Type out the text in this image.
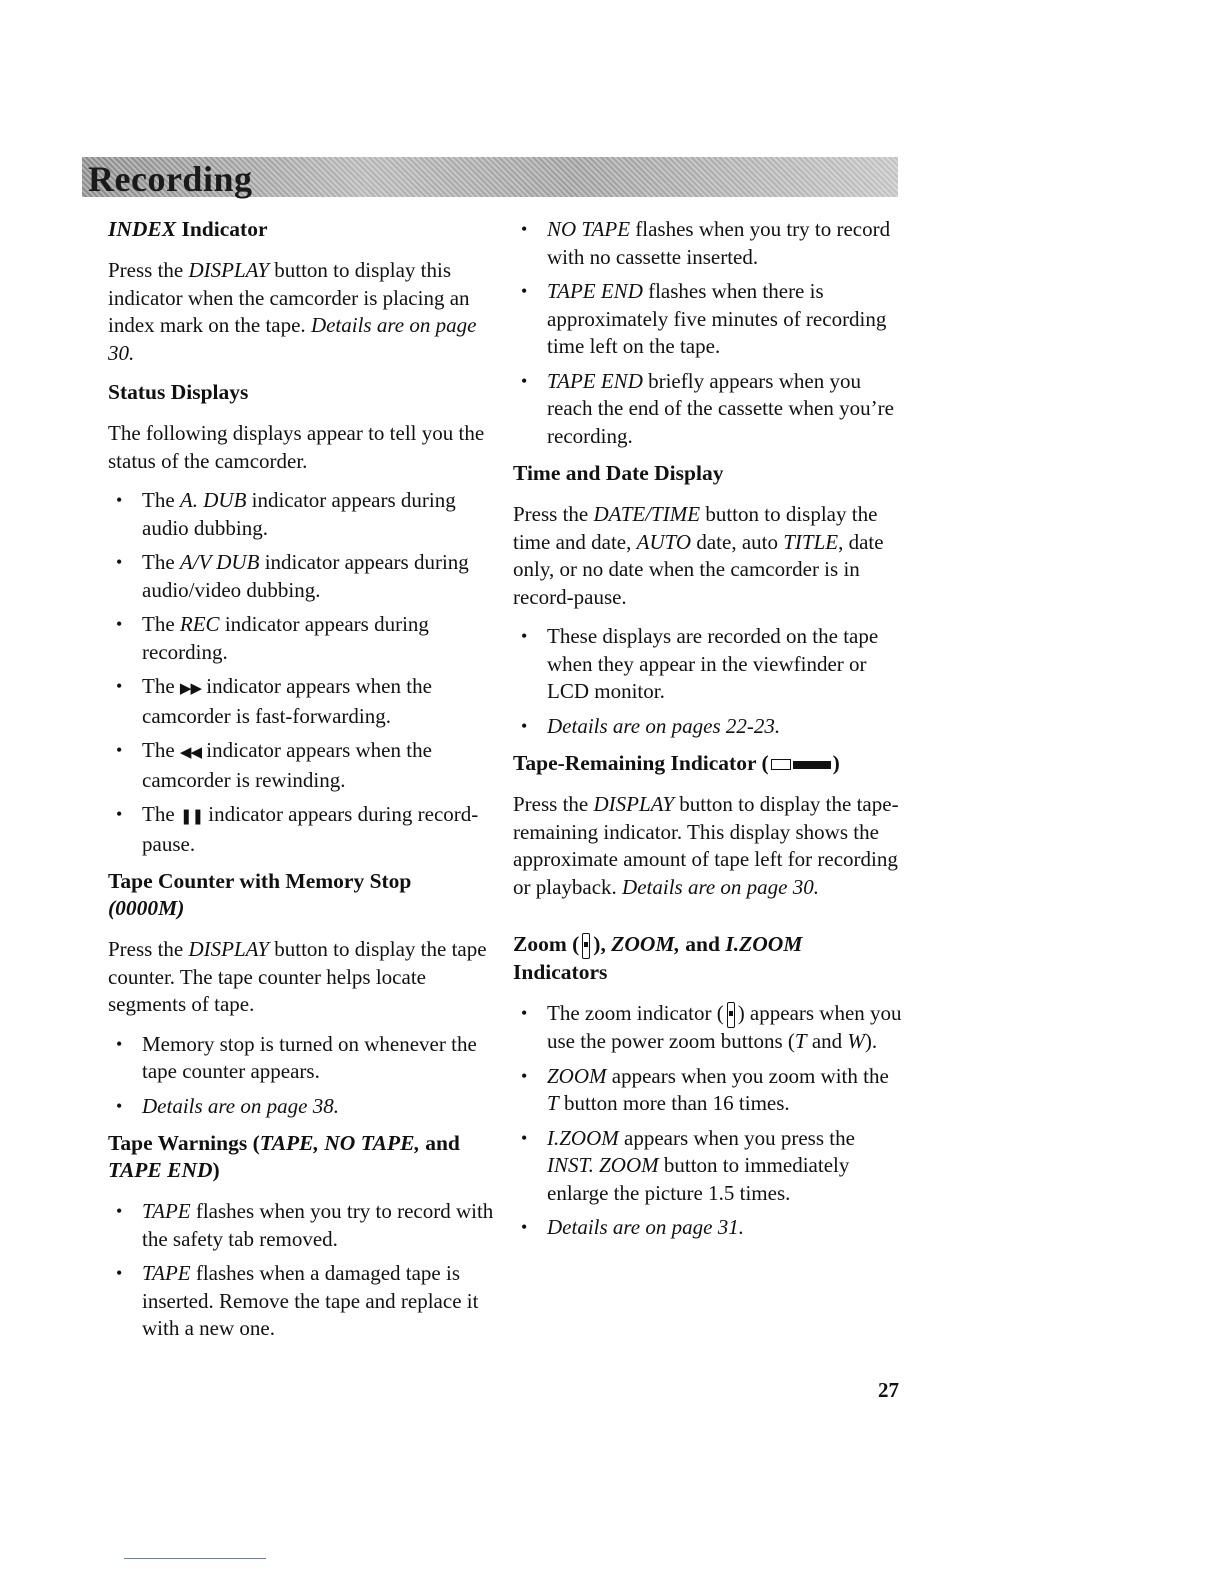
Recording
INDEX Indicator

Press the DISPLAY button to display this indicator when the camcorder is placing an index mark on the tape. Details are on page 30.

Status Displays

The following displays appear to tell you the status of the camcorder.

• The A. DUB indicator appears during audio dubbing.
• The A/V DUB indicator appears during audio/video dubbing.
• The REC indicator appears during recording.
• The ▶▶ indicator appears when the camcorder is fast-forwarding.
• The ◀◀ indicator appears when the camcorder is rewinding.
• The ❚❚ indicator appears during record-pause.
Tape Counter with Memory Stop
(0000M)

Press the DISPLAY button to display the tape counter. The tape counter helps locate segments of tape.

• Memory stop is turned on whenever the tape counter appears.
• Details are on page 38.
Tape Warnings (TAPE, NO TAPE, and
TAPE END)
• TAPE flashes when you try to record with the safety tab removed.
• TAPE flashes when a damaged tape is inserted. Remove the tape and replace it with a new one.
• NO TAPE flashes when you try to record with no cassette inserted.
• TAPE END flashes when there is approximately five minutes of recording time left on the tape.
• TAPE END briefly appears when you reach the end of the cassette when you’re recording.
Time and Date Display

Press the DATE/TIME button to display the time and date, AUTO date, auto TITLE, date only, or no date when the camcorder is in record-pause.

• These displays are recorded on the tape when they appear in the viewfinder or LCD monitor.
• Details are on pages 22-23.
Tape-Remaining Indicator (	)

Press the DISPLAY button to display the tape-remaining indicator. This display shows the approximate amount of tape left for recording or playback. Details are on page 30.

Zoom ( ), ZOOM, and I.ZOOM
Indicators
• The zoom indicator ( ) appears when you use the power zoom buttons (T and W).
• ZOOM appears when you zoom with the T button more than 16 times.
• I.ZOOM appears when you press the INST. ZOOM button to immediately enlarge the picture 1.5 times.
• Details are on page 31.
27
